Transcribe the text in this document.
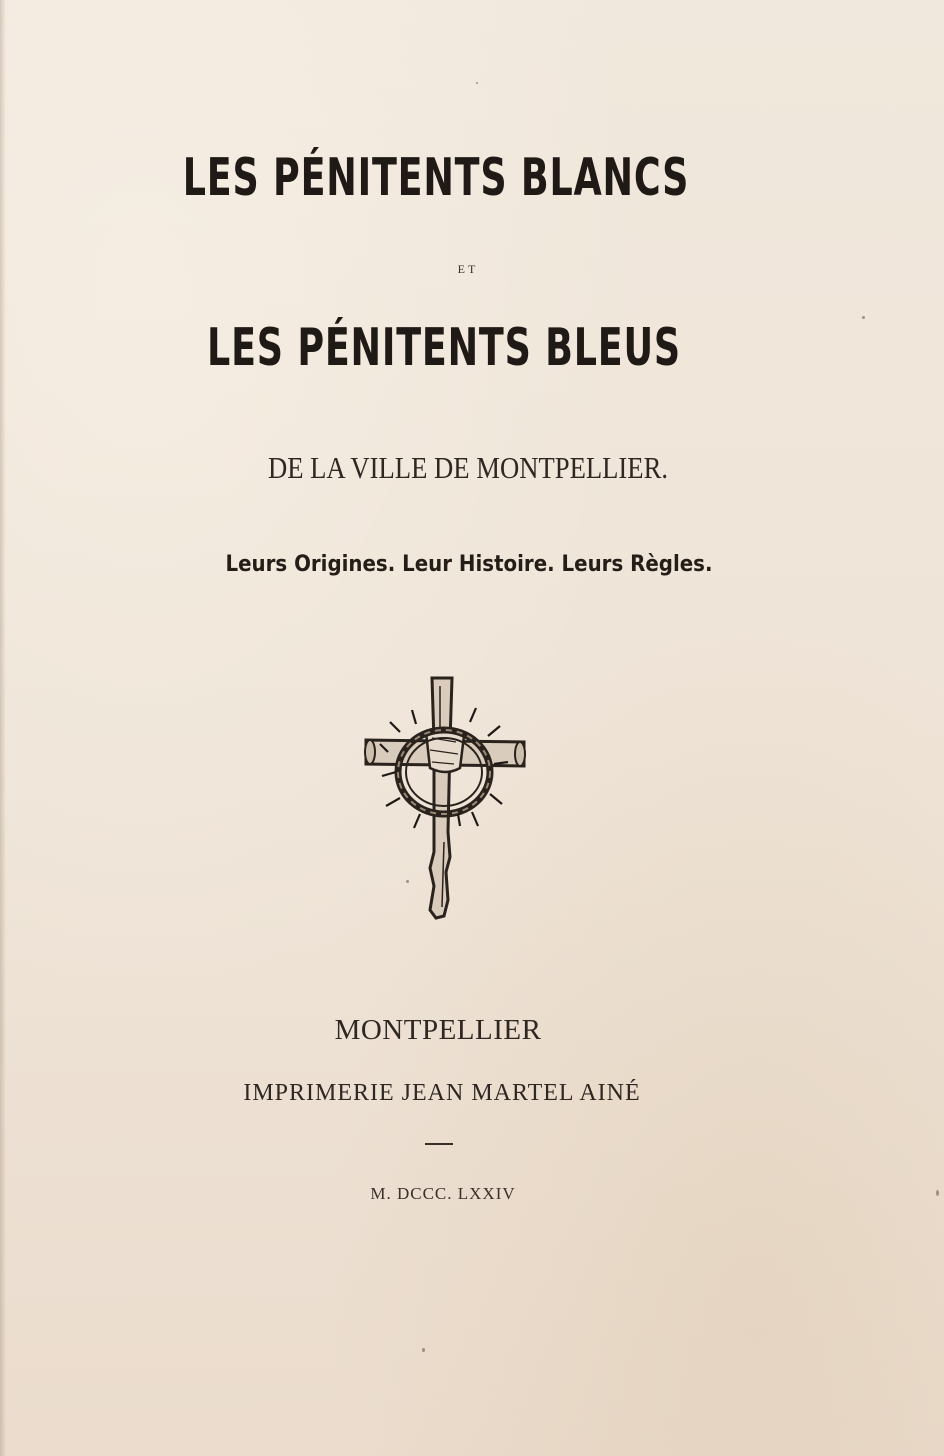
LES PÉNITENTS BLANCS
ET
LES PÉNITENTS BLEUS
DE LA VILLE DE MONTPELLIER.
Leurs Origines. Leur Histoire. Leurs Règles.
MONTPELLIER
IMPRIMERIE JEAN MARTEL AINÉ
M. DCCC. LXXIV
